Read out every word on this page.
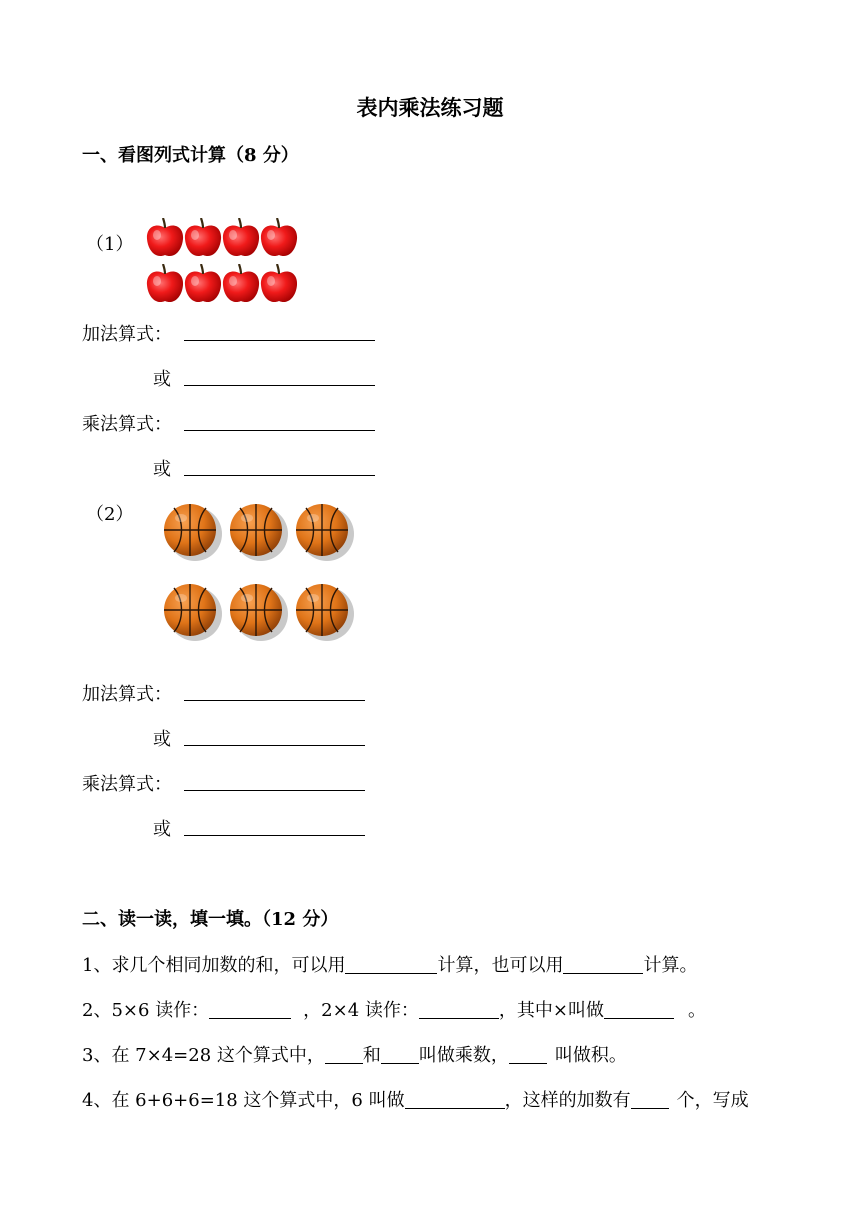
表内乘法练习题
一、看图列式计算（8 分）
（1）
加法算式：
或
乘法算式：
或
（2）
加法算式：
或
乘法算式：
或
二、读一读，填一填。（12 分）
1、求几个相同加数的和，可以用	计算，也可以用	计算。
2、5×6 读作：	，2×4 读作：	，其中×叫做	。
3、在 7×4=28 这个算式中， 和 叫做乘数，	叫做积。
4、在 6+6+6=18 这个算式中，6 叫做	，这样的加数有	个，写成
